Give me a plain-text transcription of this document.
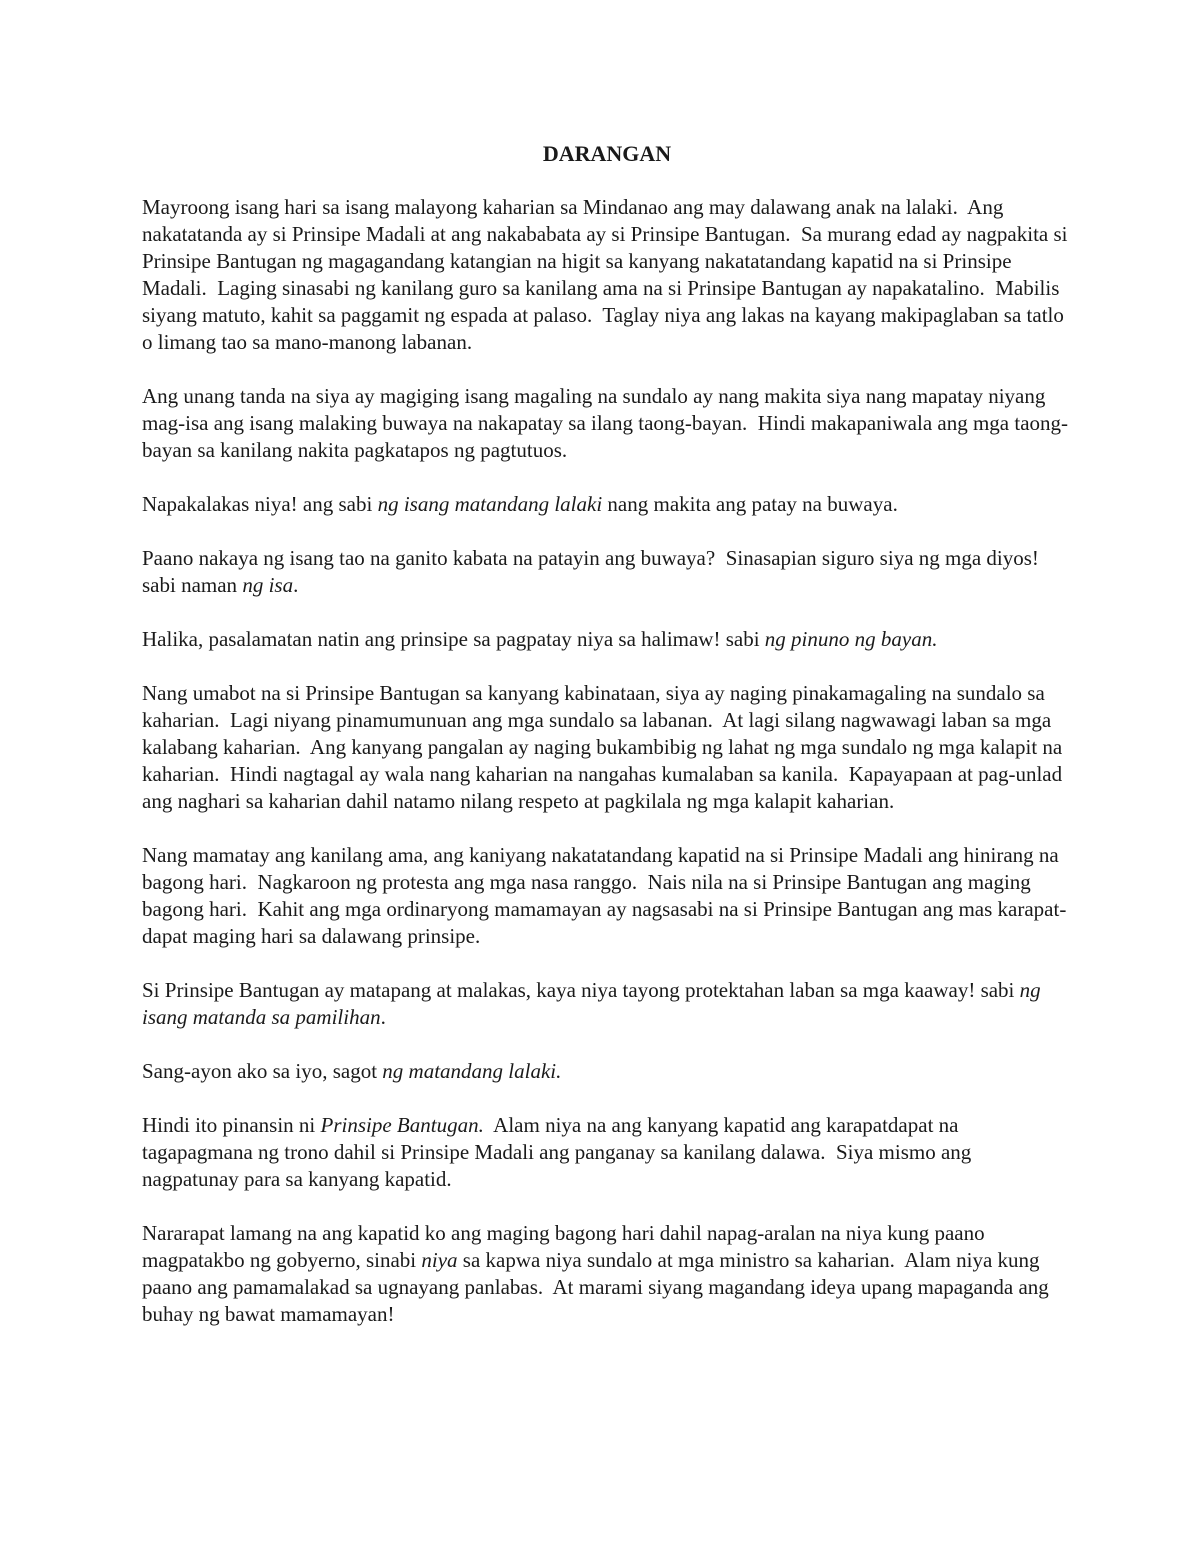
DARANGAN

Mayroong isang hari sa isang malayong kaharian sa Mindanao ang may dalawang anak na lalaki.  Ang nakatatanda ay si Prinsipe Madali at ang nakababata ay si Prinsipe Bantugan.  Sa murang edad ay nagpakita si Prinsipe Bantugan ng magagandang katangian na higit sa kanyang nakatatandang kapatid na si Prinsipe Madali.  Laging sinasabi ng kanilang guro sa kanilang ama na si Prinsipe Bantugan ay napakatalino.  Mabilis siyang matuto, kahit sa paggamit ng espada at palaso.  Taglay niya ang lakas na kayang makipaglaban sa tatlo o limang tao sa mano-manong labanan.

Ang unang tanda na siya ay magiging isang magaling na sundalo ay nang makita siya nang mapatay niyang mag-isa ang isang malaking buwaya na nakapatay sa ilang taong-bayan.  Hindi makapaniwala ang mga taong-bayan sa kanilang nakita pagkatapos ng pagtutuos.

Napakalakas niya! ang sabi ng isang matandang lalaki nang makita ang patay na buwaya.

Paano nakaya ng isang tao na ganito kabata na patayin ang buwaya?  Sinasapian siguro siya ng mga diyos! sabi naman ng isa.

Halika, pasalamatan natin ang prinsipe sa pagpatay niya sa halimaw! sabi ng pinuno ng bayan.

Nang umabot na si Prinsipe Bantugan sa kanyang kabinataan, siya ay naging pinakamagaling na sundalo sa kaharian.  Lagi niyang pinamumunuan ang mga sundalo sa labanan.  At lagi silang nagwawagi laban sa mga kalabang kaharian.  Ang kanyang pangalan ay naging bukambibig ng lahat ng mga sundalo ng mga kalapit na kaharian.  Hindi nagtagal ay wala nang kaharian na nangahas kumalaban sa kanila.  Kapayapaan at pag-unlad ang naghari sa kaharian dahil natamo nilang respeto at pagkilala ng mga kalapit kaharian.

Nang mamatay ang kanilang ama, ang kaniyang nakatatandang kapatid na si Prinsipe Madali ang hinirang na bagong hari.  Nagkaroon ng protesta ang mga nasa ranggo.  Nais nila na si Prinsipe Bantugan ang maging bagong hari.  Kahit ang mga ordinaryong mamamayan ay nagsasabi na si Prinsipe Bantugan ang mas karapat-dapat maging hari sa dalawang prinsipe.

Si Prinsipe Bantugan ay matapang at malakas, kaya niya tayong protektahan laban sa mga kaaway! sabi ng isang matanda sa pamilihan.

Sang-ayon ako sa iyo, sagot ng matandang lalaki.

Hindi ito pinansin ni Prinsipe Bantugan.  Alam niya na ang kanyang kapatid ang karapatdapat na tagapagmana ng trono dahil si Prinsipe Madali ang panganay sa kanilang dalawa.  Siya mismo ang nagpatunay para sa kanyang kapatid.

Nararapat lamang na ang kapatid ko ang maging bagong hari dahil napag-aralan na niya kung paano magpatakbo ng gobyerno, sinabi niya sa kapwa niya sundalo at mga ministro sa kaharian.  Alam niya kung paano ang pamamalakad sa ugnayang panlabas.  At marami siyang magandang ideya upang mapaganda ang buhay ng bawat mamamayan!
